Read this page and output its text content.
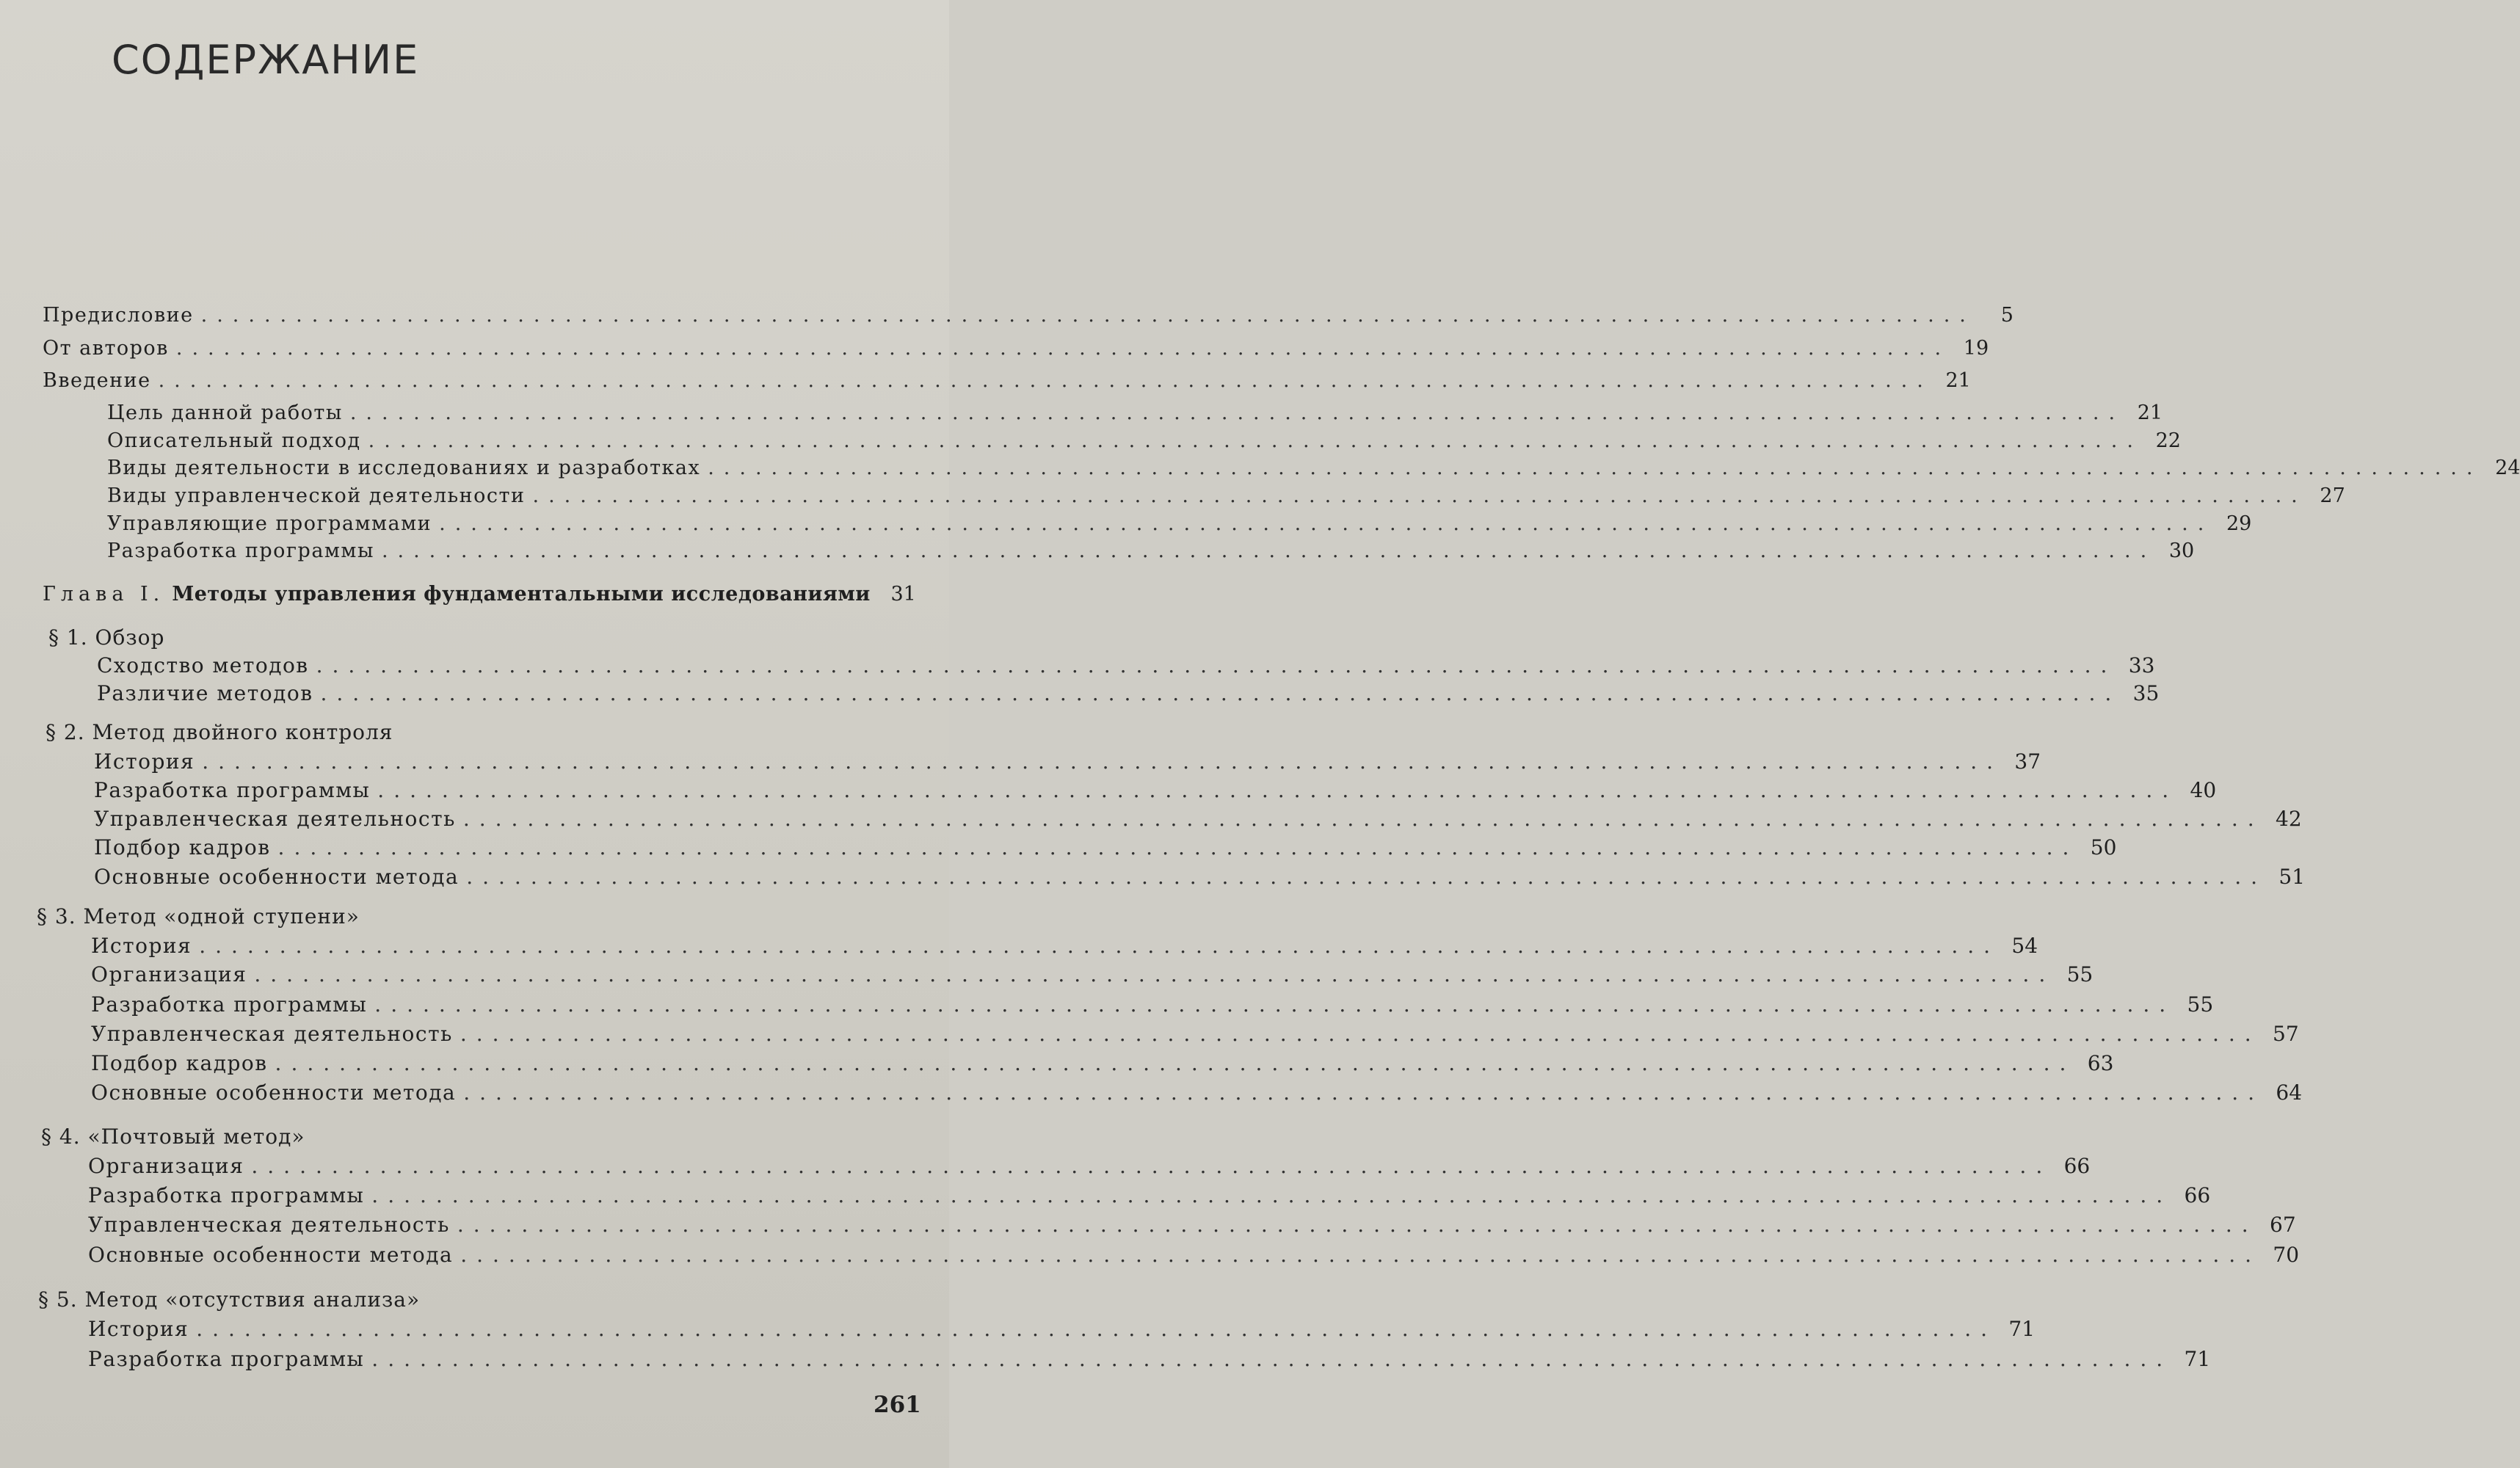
СОДЕРЖАНИЕ
Предисловие ................................................................................................................	5
От авторов ................................................................................................................ 19
Введение ................................................................................................................ 21
Цель данной работы ................................................................................................................ 21
Описательный подход ................................................................................................................ 22
Виды деятельности в исследованиях и разработках ................................................................................................................ 24
Виды управленческой деятельности ................................................................................................................ 27
Управляющие программами ................................................................................................................ 29
Разработка программы ................................................................................................................ 30
Глава I. Методы управления фундаментальными исследованиями	31
§ 1. Обзор
Сходство методов ................................................................................................................ 33
Различие методов ................................................................................................................ 35
§ 2. Метод двойного контроля
История ................................................................................................................ 37
Разработка программы ................................................................................................................ 40
Управленческая деятельность ................................................................................................................ 42
Подбор кадров ................................................................................................................ 50
Основные особенности метода ................................................................................................................ 51
§ 3. Метод «одной ступени»
История ................................................................................................................ 54
Организация ................................................................................................................ 55
Разработка программы ................................................................................................................ 55
Управленческая деятельность ................................................................................................................ 57
Подбор кадров ................................................................................................................ 63
Основные особенности метода ................................................................................................................ 64
§ 4. «Почтовый метод»
Организация ................................................................................................................ 66
Разработка программы ................................................................................................................ 66
Управленческая деятельность ................................................................................................................ 67
Основные особенности метода ................................................................................................................ 70
§ 5. Метод «отсутствия анализа»
История ................................................................................................................ 71
Разработка программы ................................................................................................................ 71
261
